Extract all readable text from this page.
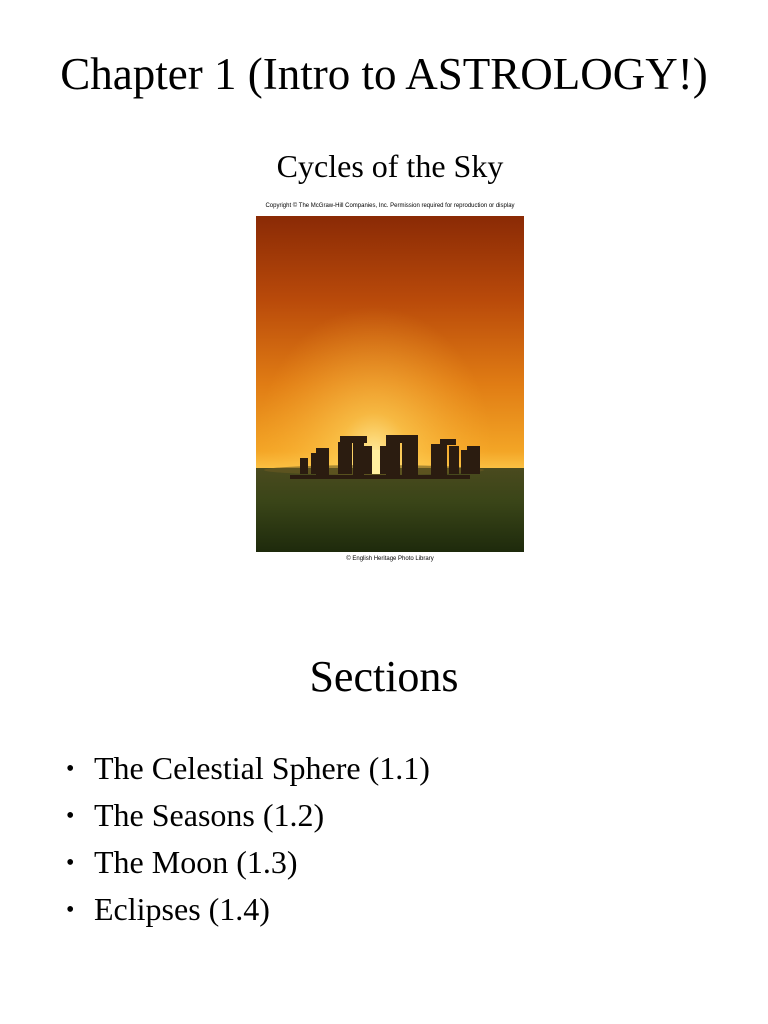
Chapter 1 (Intro to ASTROLOGY!)
Cycles of the Sky
Copyright © The McGraw-Hill Companies, Inc. Permission required for reproduction or display
© English Heritage Photo Library
Sections
• The Celestial Sphere (1.1)
• The Seasons (1.2)
• The Moon (1.3)
• Eclipses (1.4)
